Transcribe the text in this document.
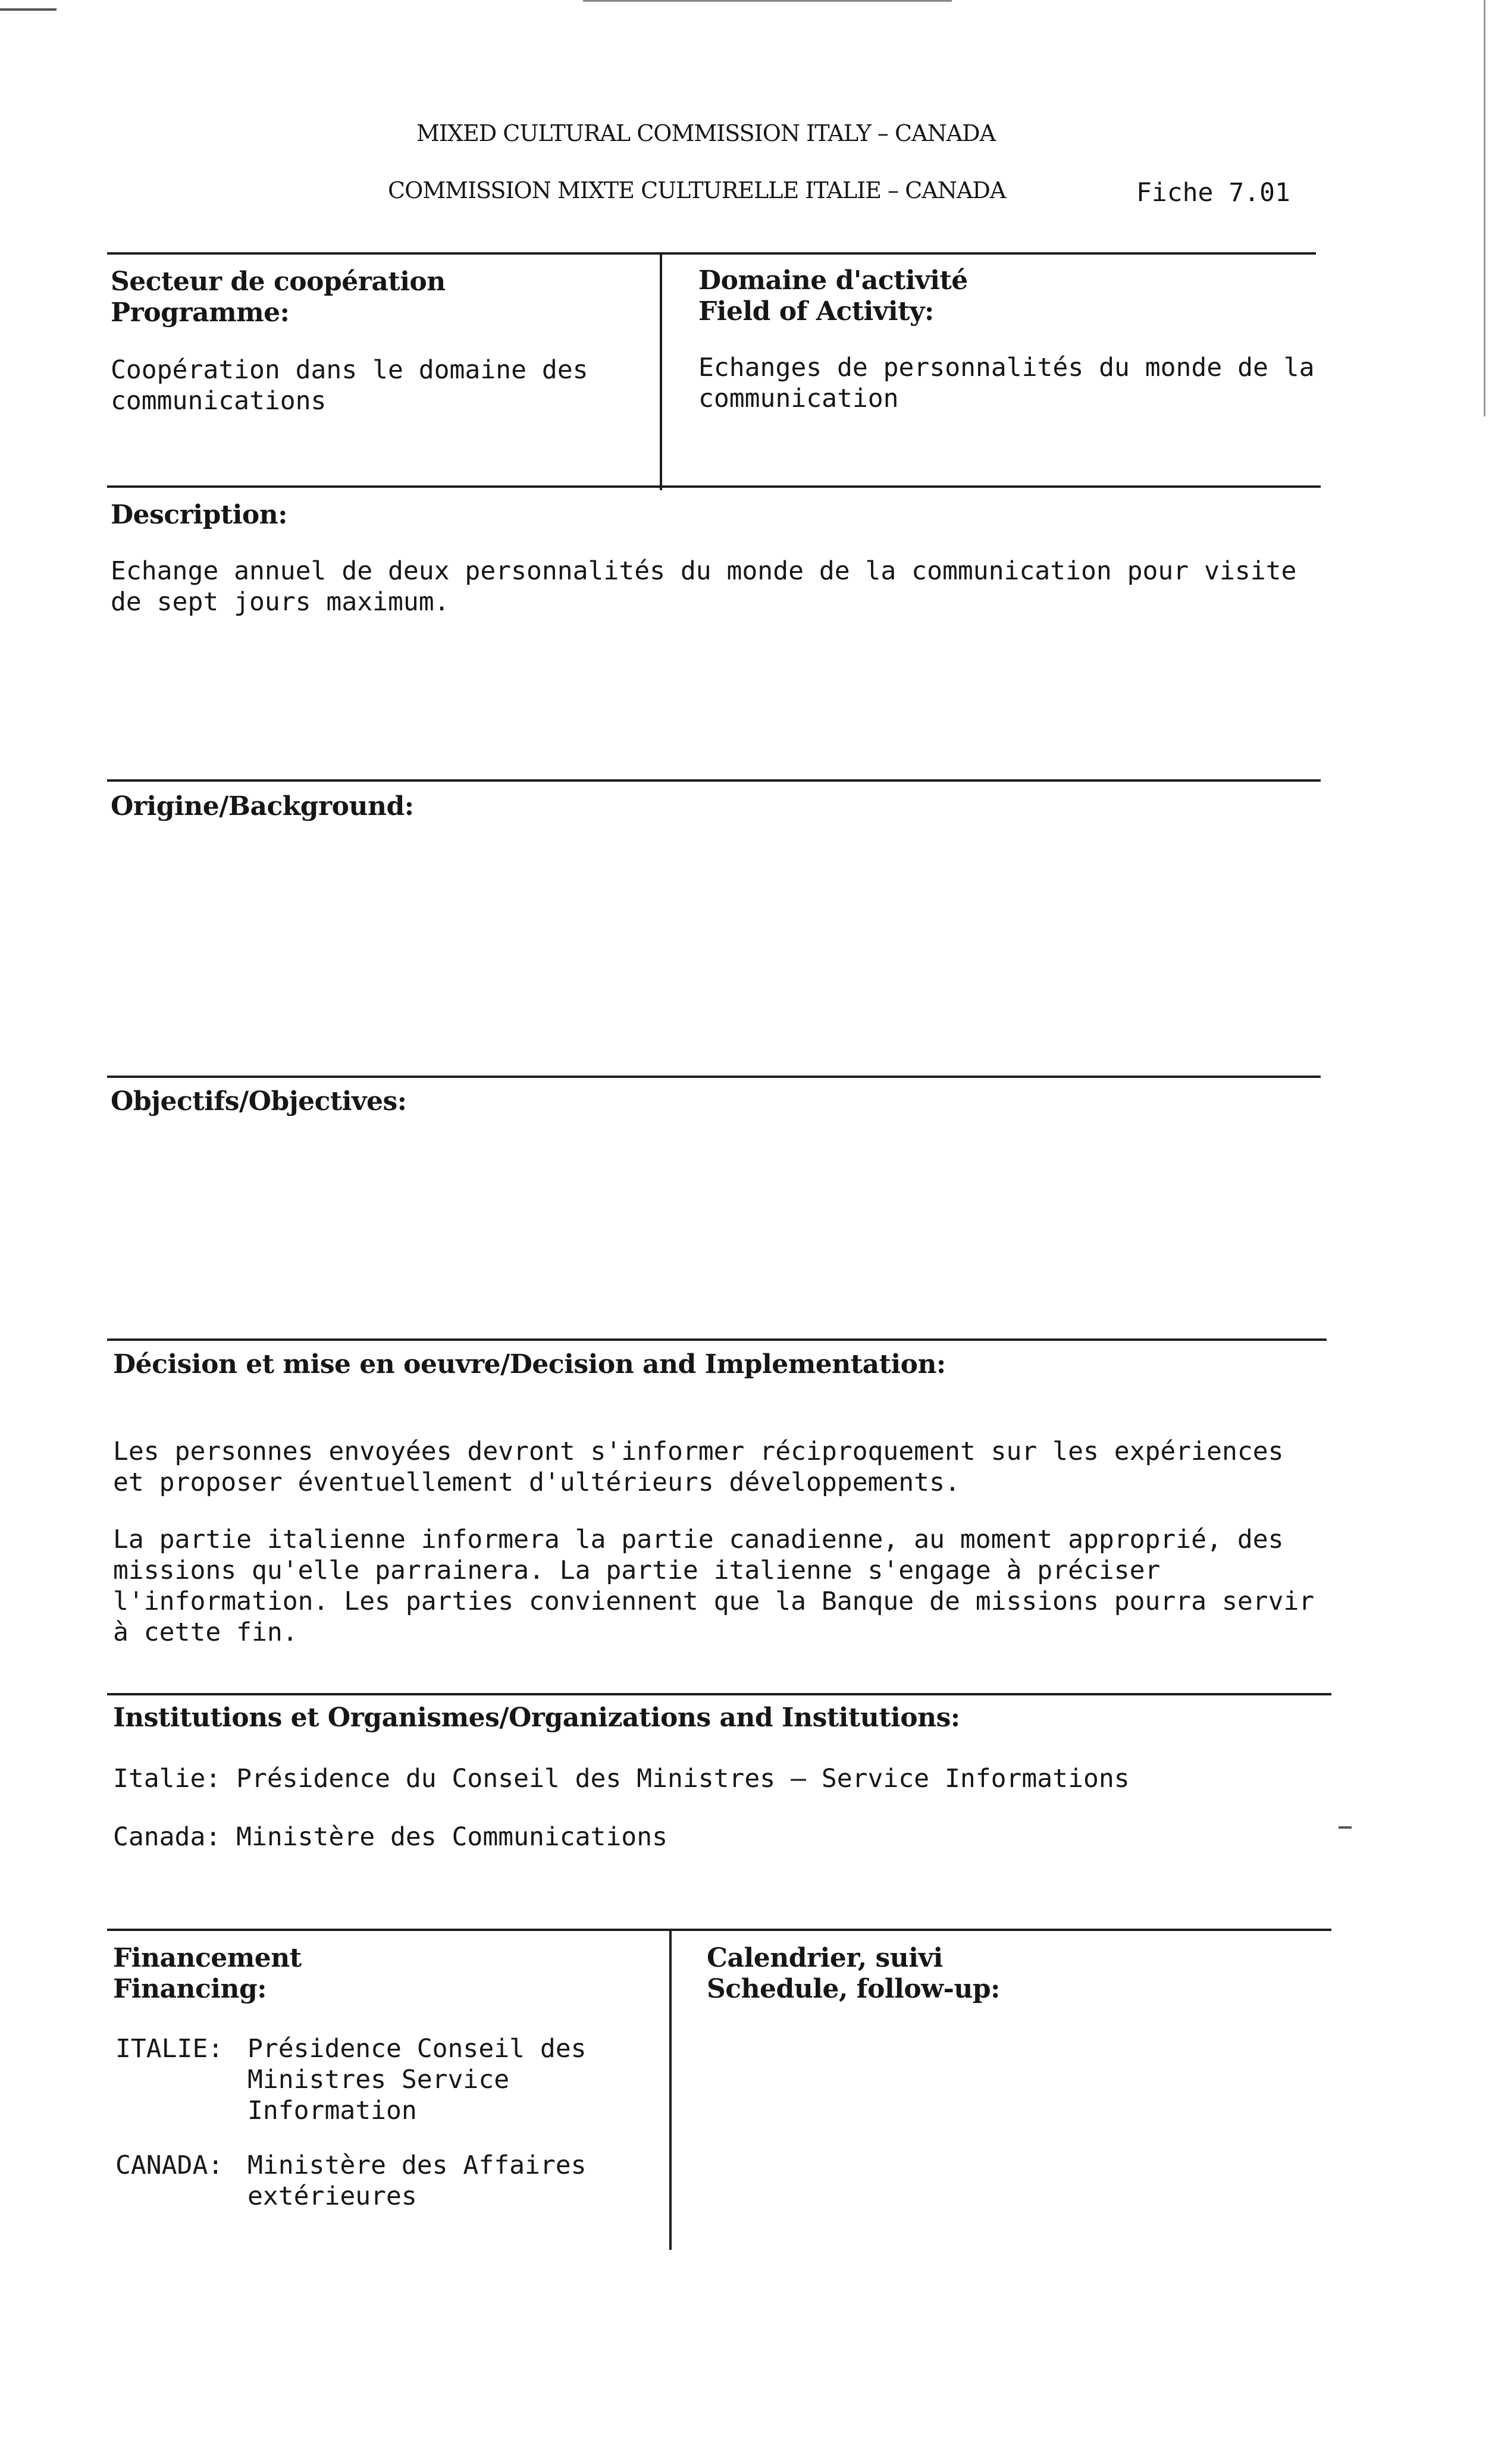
MIXED CULTURAL COMMISSION ITALY – CANADA
COMMISSION MIXTE CULTURELLE ITALIE – CANADA	Fiche 7.01
Secteur de coopération
Programme:
Coopération dans le domaine des communications
Domaine d'activité
Field of Activity:
Echanges de personnalités du monde de la communication
Description:
Echange annuel de deux personnalités du monde de la communication pour visite de sept jours maximum.
Origine/Background:
Objectifs/Objectives:
Décision et mise en oeuvre/Decision and Implementation:
Les personnes envoyées devront s'informer réciproquement sur les expériences et proposer éventuellement d'ultérieurs développements.
La partie italienne informera la partie canadienne, au moment approprié, des missions qu'elle parrainera. La partie italienne s'engage à préciser l'information. Les parties conviennent que la Banque de missions pourra servir à cette fin.
Institutions et Organismes/Organizations and Institutions:
Italie: Présidence du Conseil des Ministres – Service Informations
Canada: Ministère des Communications
Financement
Financing:
ITALIE: Présidence Conseil des Ministres Service Information
CANADA: Ministère des Affaires extérieures
Calendrier, suivi
Schedule, follow-up:
